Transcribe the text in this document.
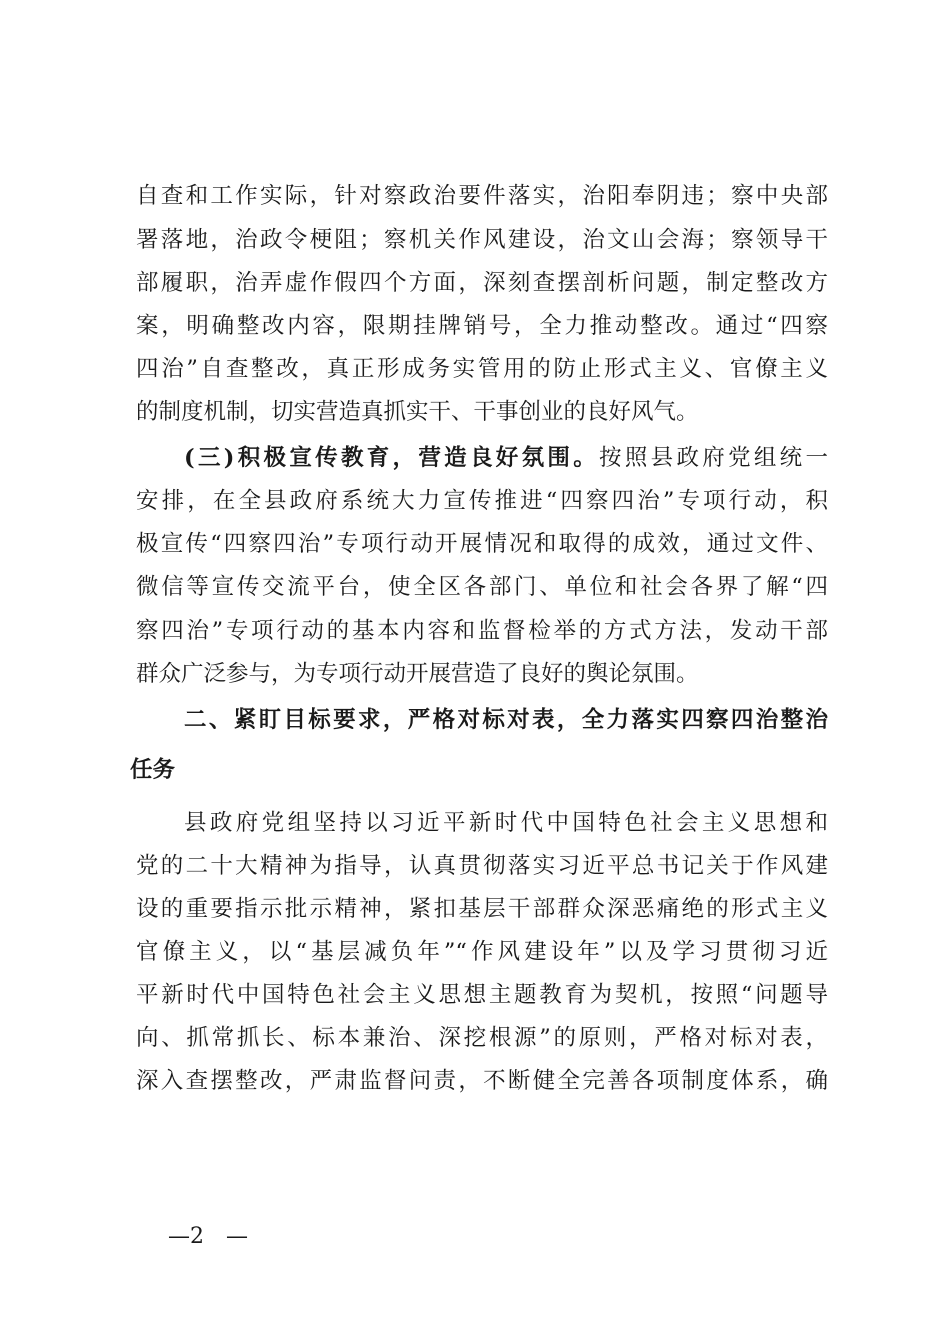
自查和工作实际，针对察政治要件落实，治阳奉阴违；察中央部
署落地，治政令梗阻；察机关作风建设，治文山会海；察领导干
部履职，治弄虚作假四个方面，深刻查摆剖析问题，制定整改方
案，明确整改内容，限期挂牌销号，全力推动整改。通过“四察
四治”自查整改，真正形成务实管用的防止形式主义、官僚主义
的制度机制，切实营造真抓实干、干事创业的良好风气。
(三)积极宣传教育，营造良好氛围。按照县政府党组统一
安排，在全县政府系统大力宣传推进“四察四治”专项行动，积
极宣传“四察四治”专项行动开展情况和取得的成效，通过文件、
微信等宣传交流平台，使全区各部门、单位和社会各界了解“四
察四治”专项行动的基本内容和监督检举的方式方法，发动干部
群众广泛参与，为专项行动开展营造了良好的舆论氛围。
二、紧盯目标要求，严格对标对表，全力落实四察四治整治
任务
县政府党组坚持以习近平新时代中国特色社会主义思想和
党的二十大精神为指导，认真贯彻落实习近平总书记关于作风建
设的重要指示批示精神，紧扣基层干部群众深恶痛绝的形式主义
官僚主义，以“基层减负年”“作风建设年”以及学习贯彻习近
平新时代中国特色社会主义思想主题教育为契机，按照“问题导
向、抓常抓长、标本兼治、深挖根源”的原则，严格对标对表，
深入查摆整改，严肃监督问责，不断健全完善各项制度体系，确
—2　—
